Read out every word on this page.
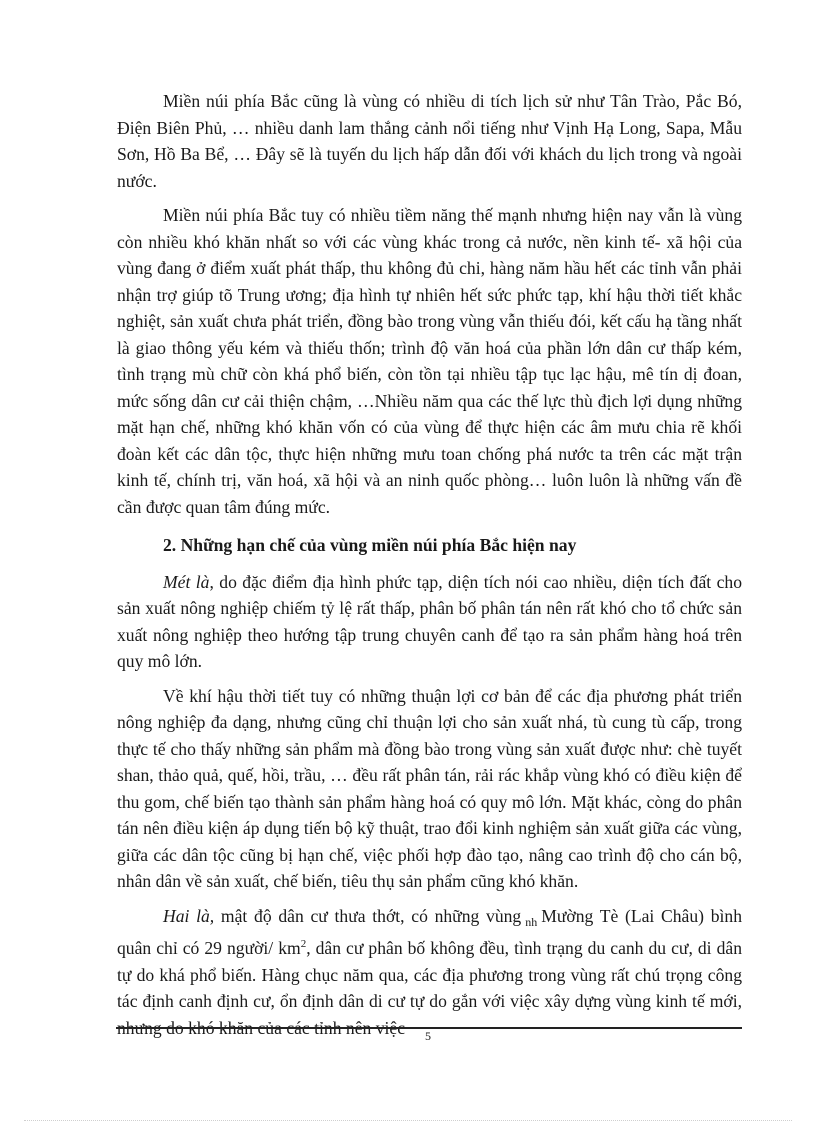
Miền núi phía Bắc cũng là vùng có nhiều di tích lịch sử như Tân Trào, Pắc Bó, Điện Biên Phủ, … nhiều danh lam thắng cảnh nổi tiếng như Vịnh Hạ Long, Sapa, Mẫu Sơn, Hồ Ba Bể, … Đây sẽ là tuyến du lịch hấp dẫn đối với khách du lịch trong và ngoài nước.

Miền núi phía Bắc tuy có nhiều tiềm năng thế mạnh nhưng hiện nay vẫn là vùng còn nhiều khó khăn nhất so với các vùng khác trong cả nước, nền kinh tế- xã hội của vùng đang ở điểm xuất phát thấp, thu không đủ chi, hàng năm hầu hết các tỉnh vẫn phải nhận trợ giúp tõ Trung ương; địa hình tự nhiên hết sức phức tạp, khí hậu thời tiết khắc nghiệt, sản xuất chưa phát triển, đồng bào trong vùng vẫn thiếu đói, kết cấu hạ tầng nhất là giao thông yếu kém và thiếu thốn; trình độ văn hoá của phần lớn dân cư thấp kém, tình trạng mù chữ còn khá phổ biến, còn tồn tại nhiều tập tục lạc hậu, mê tín dị đoan, mức sống dân cư cải thiện chậm, …Nhiều năm qua các thế lực thù địch lợi dụng những mặt hạn chế, những khó khăn vốn có của vùng để thực hiện các âm mưu chia rẽ khối đoàn kết các dân tộc, thực hiện những mưu toan chống phá nước ta trên các mặt trận kinh tế, chính trị, văn hoá, xã hội và an ninh quốc phòng… luôn luôn là những vấn đề cần được quan tâm đúng mức.

2. Những hạn chế của vùng miền núi phía Bắc hiện nay

Mét là, do đặc điểm địa hình phức tạp, diện tích nói cao nhiều, diện tích đất cho sản xuất nông nghiệp chiếm tỷ lệ rất thấp, phân bố phân tán nên rất khó cho tổ chức sản xuất nông nghiệp theo hướng tập trung chuyên canh để tạo ra sản phẩm hàng hoá trên quy mô lớn.

Về khí hậu thời tiết tuy có những thuận lợi cơ bản để các địa phương phát triển nông nghiệp đa dạng, nhưng cũng chỉ thuận lợi cho sản xuất nhá, tù cung tù cấp, trong thực tế cho thấy những sản phẩm mà đồng bào trong vùng sản xuất được như: chè tuyết shan, thảo quả, quế, hồi, trầu, … đều rất phân tán, rải rác khắp vùng khó có điều kiện để thu gom, chế biến tạo thành sản phẩm hàng hoá có quy mô lớn. Mặt khác, còng do phân tán nên điều kiện áp dụng tiến bộ kỹ thuật, trao đổi kinh nghiệm sản xuất giữa các vùng, giữa các dân tộc cũng bị hạn chế, việc phối hợp đào tạo, nâng cao trình độ cho cán bộ, nhân dân về sản xuất, chế biến, tiêu thụ sản phẩm cũng khó khăn.

Hai là, mật độ dân cư thưa thớt, có những vùng $_{nh}$ Mường Tè (Lai Châu) bình quân chỉ có 29 người/ $km^2$, dân cư phân bố không đều, tình trạng du canh du cư, di dân tự do khá phổ biến. Hàng chục năm qua, các địa phương trong vùng rất chú trọng công tác định canh định cư, ổn định dân di cư tự do gắn với việc xây dựng vùng kinh tế mới, nhưng do khó khăn của các tỉnh nên việc	5
